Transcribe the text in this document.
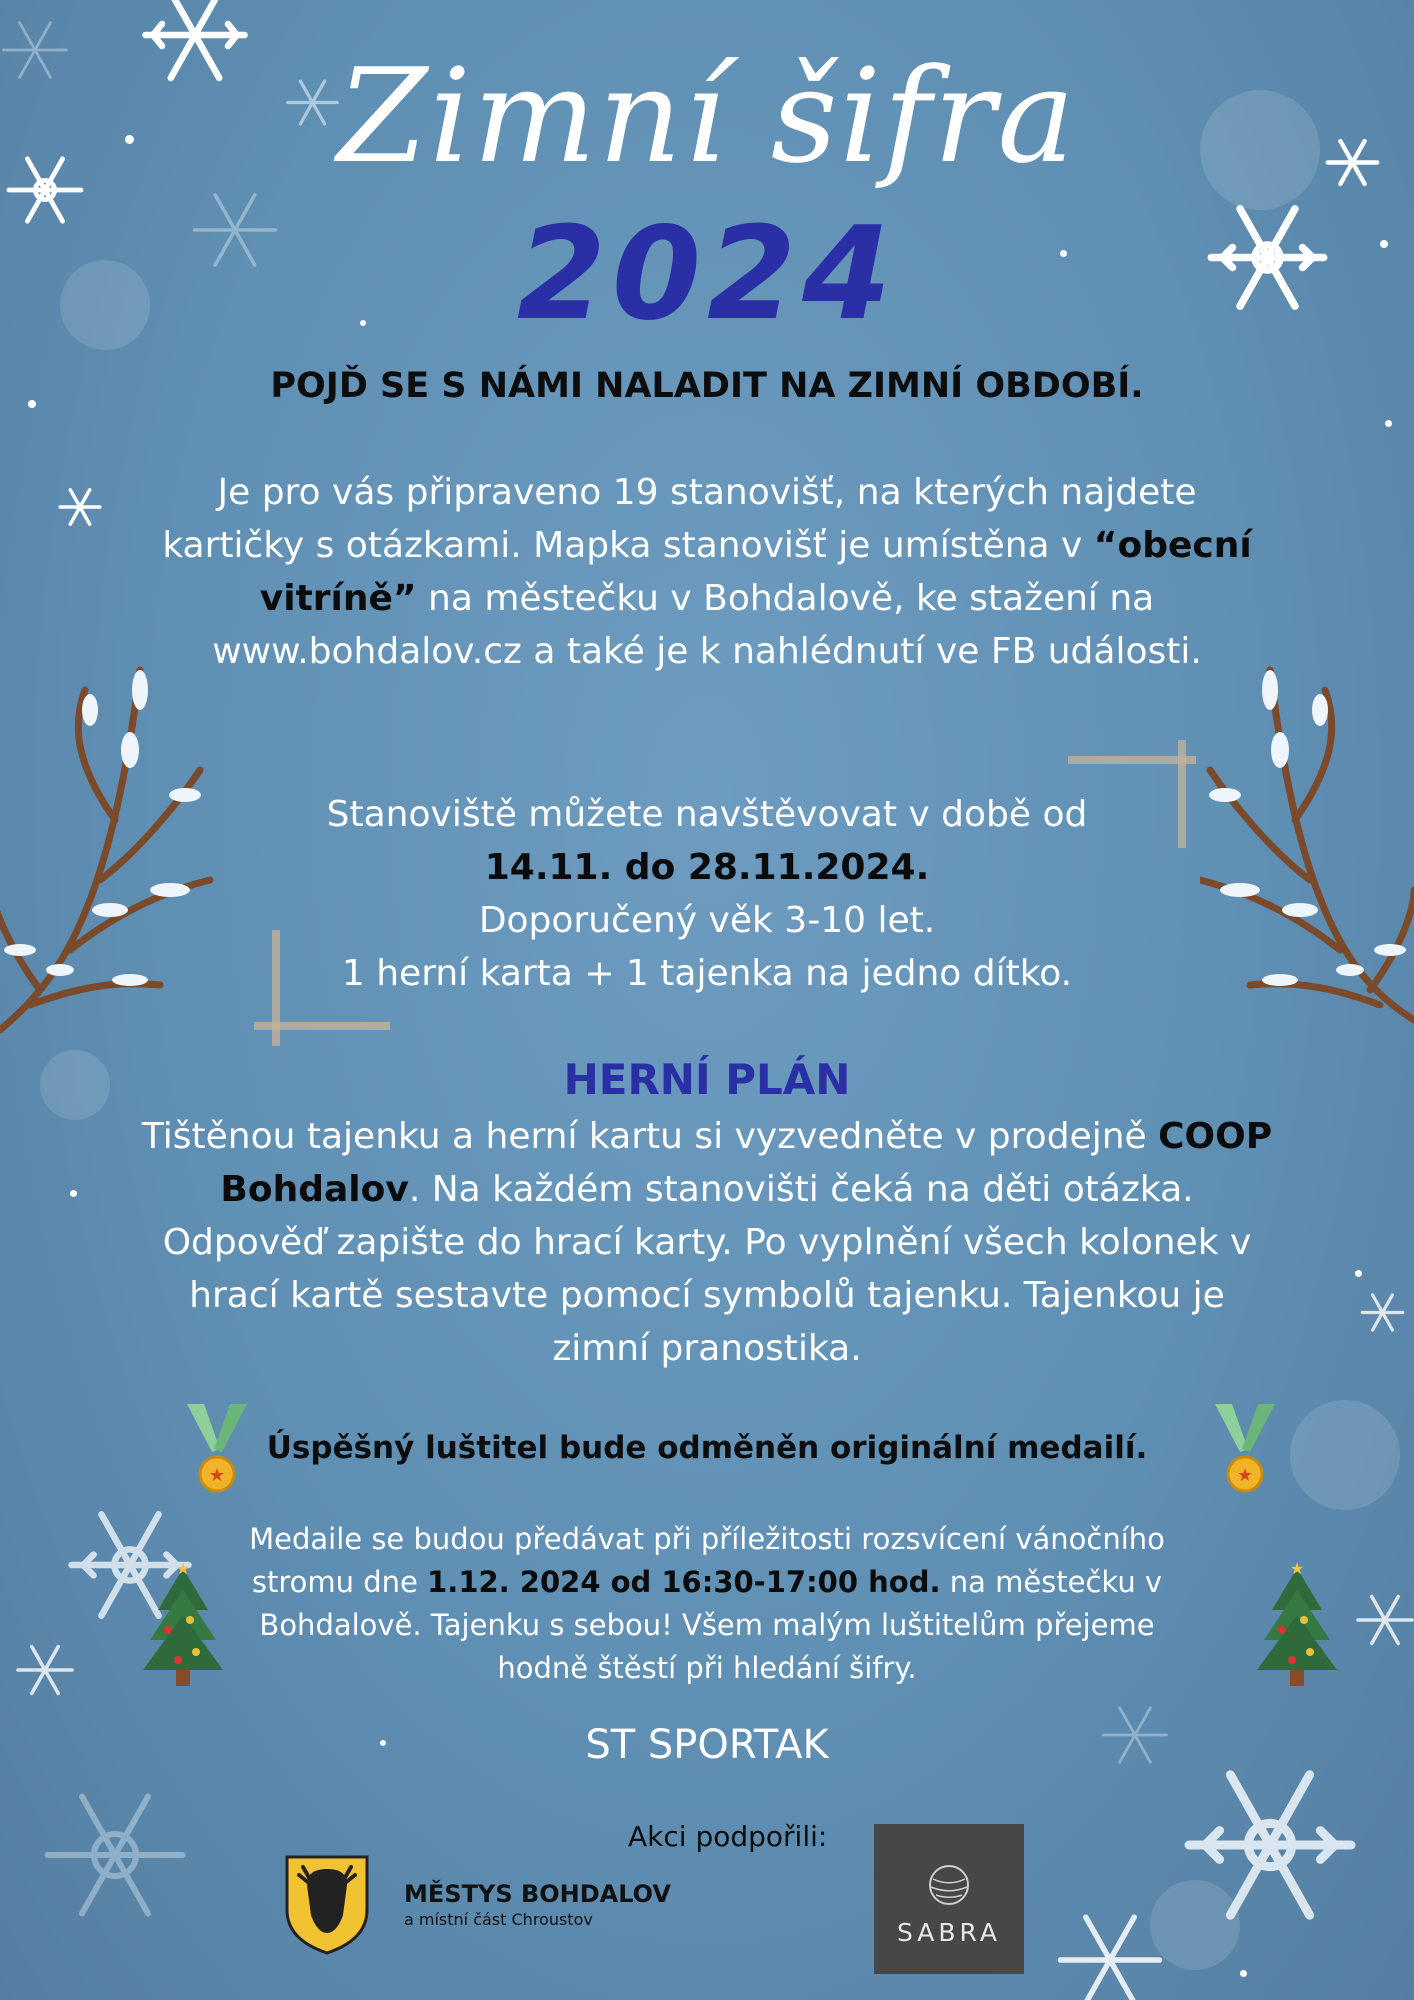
Zimní šifra
2024
POJĎ SE S NÁMI NALADIT NA ZIMNÍ OBDOBÍ.
Je pro vás připraveno 19 stanovišť, na kterých najdete kartičky s otázkami. Mapka stanovišť je umístěna v “obecní vitríně” na městečku v Bohdalově, ke stažení na www.bohdalov.cz a také je k nahlédnutí ve FB události.
Stanoviště můžete navštěvovat v době od
14.11. do 28.11.2024.
Doporučený věk 3-10 let.
1 herní karta + 1 tajenka na jedno dítko.
HERNÍ PLÁN
Tištěnou tajenku a herní kartu si vyzvedněte v prodejně COOP Bohdalov. Na každém stanovišti čeká na děti otázka. Odpověď zapište do hrací karty. Po vyplnění všech kolonek v hrací kartě sestavte pomocí symbolů tajenku. Tajenkou je zimní pranostika.
★	★
Úspěšný luštitel bude odměněn originální medailí.
★	★
Medaile se budou předávat při příležitosti rozsvícení vánočního stromu dne 1.12. 2024 od 16:30-17:00 hod. na městečku v Bohdalově. Tajenku s sebou! Všem malým luštitelům přejeme hodně štěstí při hledání šifry.
ST SPORTAK
Akci podpořili:
MĚSTYS BOHDALOV
a místní část Chroustov	SABRA
